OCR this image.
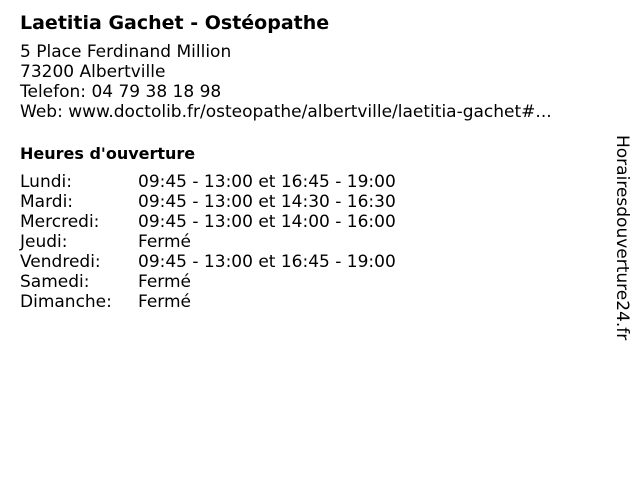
Laetitia Gachet - Ostéopathe
5 Place Ferdinand Million
73200 Albertville
Telefon: 04 79 38 18 98
Web: www.doctolib.fr/osteopathe/albertville/laetitia-gachet#...
Heures d'ouverture
Lundi:	09:45 - 13:00 et 16:45 - 19:00
Mardi:	09:45 - 13:00 et 14:30 - 16:30
Mercredi:	09:45 - 13:00 et 14:00 - 16:00
Jeudi:	Fermé
Vendredi:	09:45 - 13:00 et 16:45 - 19:00
Samedi:	Fermé
Dimanche:	Fermé	Horairesdouverture24.fr
